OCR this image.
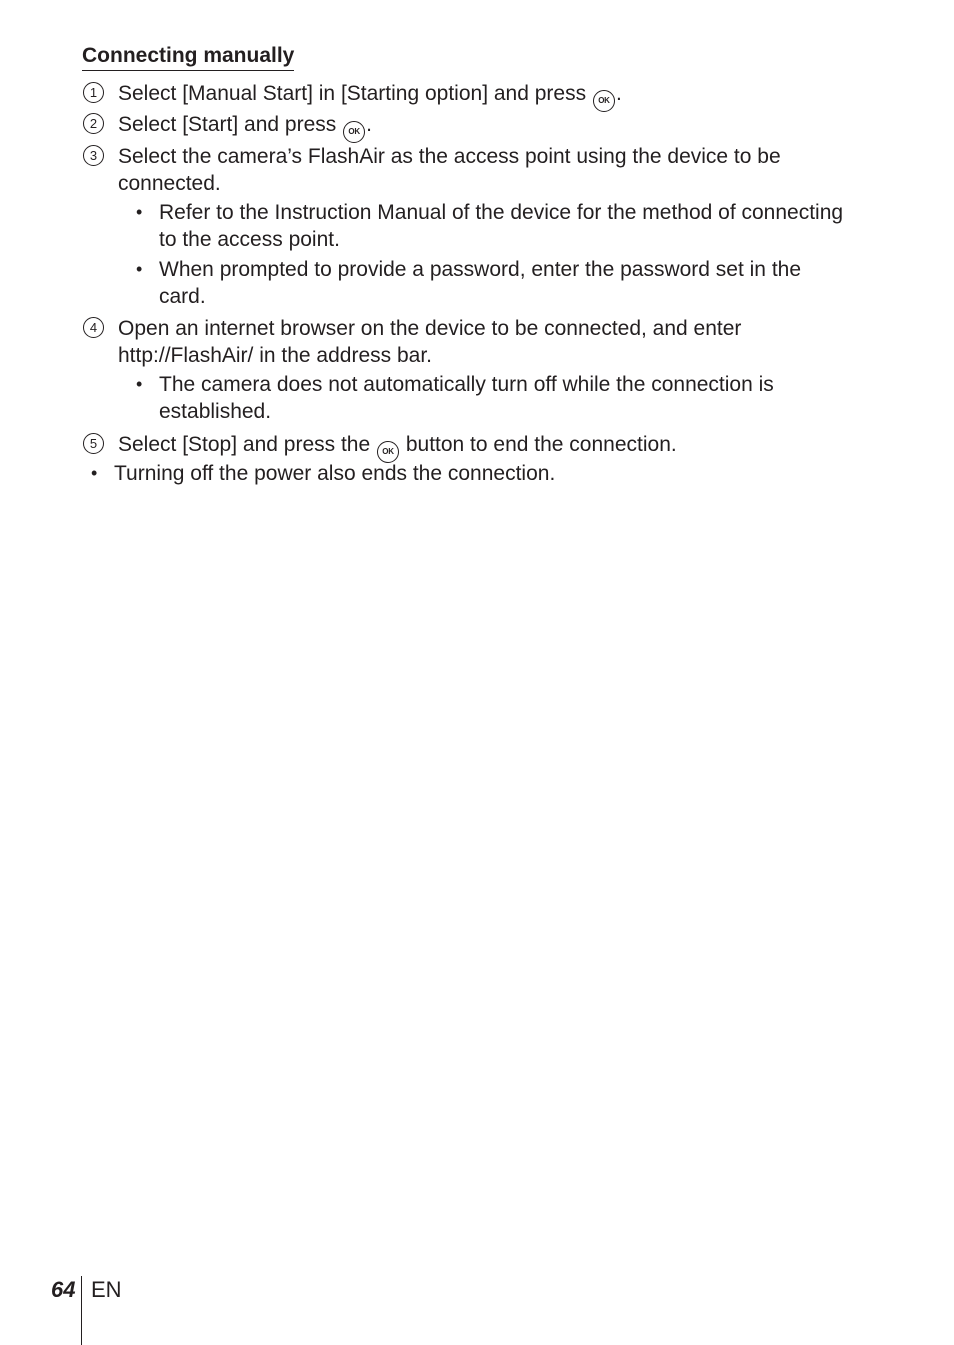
Connecting manually
1 Select [Manual Start] in [Starting option] and press OK .
2 Select [Start] and press OK .
3 Select the camera’s FlashAir as the access point using the device to be
connected.
• Refer to the Instruction Manual of the device for the method of connecting
to the access point.
• When prompted to provide a password, enter the password set in the
card.
4 Open an internet browser on the device to be connected, and enter
http://FlashAir/ in the address bar.
• The camera does not automatically turn off while the connection is
established.
5 Select [Stop] and press the OK button to end the connection.
• Turning off the power also ends the connection.
64 EN
